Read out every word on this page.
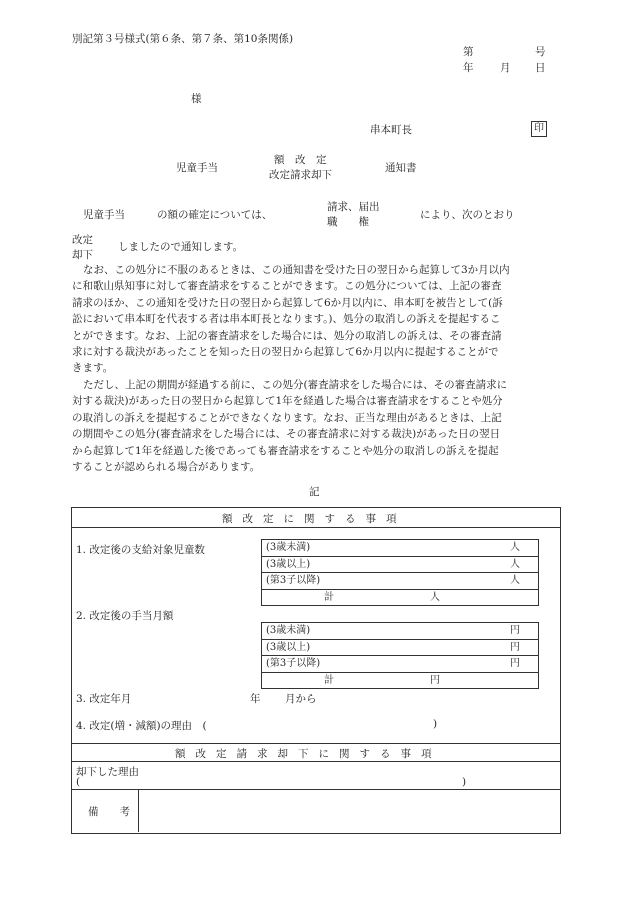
別記第３号様式(第６条、第７条、第10条関係)
第	号
年	月 日
様
串本町長	印
児童手当
額　改　定
改定請求却下
通知書
児童手当	の額の確定については、
請求、届出
職　　権
により、次のとおり
改定
却下
しましたので通知します。
なお、この処分に不服のあるときは、この通知書を受けた日の翌日から起算して3か月以内
に和歌山県知事に対して審査請求をすることができます。この処分については、上記の審査
請求のほか、この通知を受けた日の翌日から起算して6か月以内に、串本町を被告として(訴
訟において串本町を代表する者は串本町長となります。)、処分の取消しの訴えを提起するこ
とができます。なお、上記の審査請求をした場合には、処分の取消しの訴えは、その審査請
求に対する裁決があったことを知った日の翌日から起算して6か月以内に提起することがで
きます。
ただし、上記の期間が経過する前に、この処分(審査請求をした場合には、その審査請求に
対する裁決)があった日の翌日から起算して1年を経過した場合は審査請求をすることや処分
の取消しの訴えを提起することができなくなります。なお、正当な理由があるときは、上記
の期間やこの処分(審査請求をした場合には、その審査請求に対する裁決)があった日の翌日
から起算して1年を経過した後であっても審査請求をすることや処分の取消しの訴えを提起
することが認められる場合があります。
記
額改定に関する事項
1. 改定後の支給対象児童数	(3歳未満)	人
(3歳以上)	人
(第3子以降)	人
計	人
2. 改定後の手当月額
(3歳未満)	円
(3歳以上)	円
(第3子以降)	円
計	円
3. 改定年月	年 月から
4. 改定(増・減額)の理由　(	)
額改定請求却下に関する事項
却下した理由
(	)
備　　考
